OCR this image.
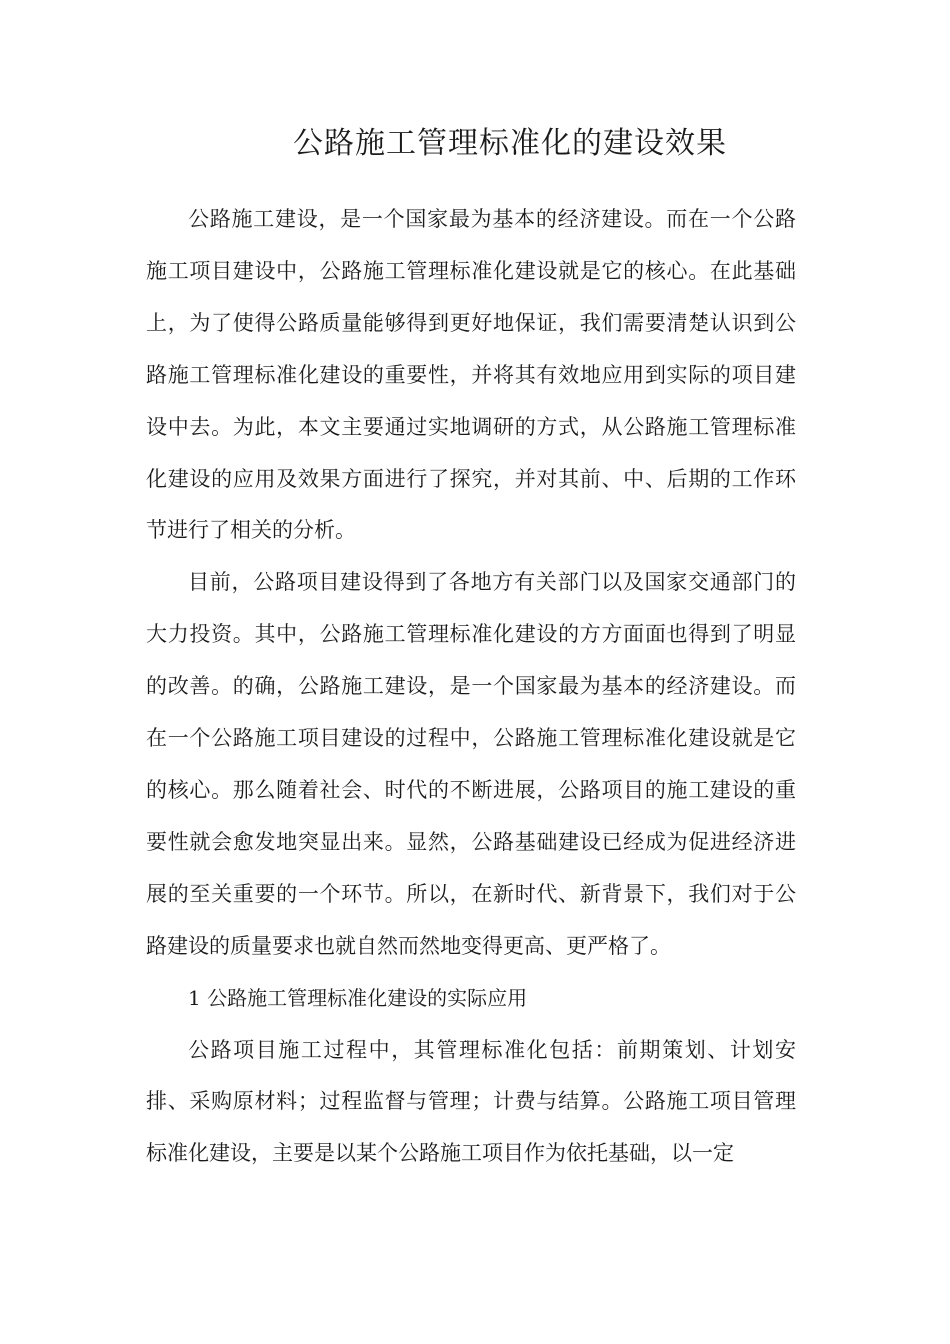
公路施工管理标准化的建设效果

公路施工建设，是一个国家最为基本的经济建设。而在一个公路施工项目建设中，公路施工管理标准化建设就是它的核心。在此基础上，为了使得公路质量能够得到更好地保证，我们需要清楚认识到公路施工管理标准化建设的重要性，并将其有效地应用到实际的项目建设中去。为此，本文主要通过实地调研的方式，从公路施工管理标准化建设的应用及效果方面进行了探究，并对其前、中、后期的工作环节进行了相关的分析。

目前，公路项目建设得到了各地方有关部门以及国家交通部门的大力投资。其中，公路施工管理标准化建设的方方面面也得到了明显的改善。的确，公路施工建设，是一个国家最为基本的经济建设。而在一个公路施工项目建设的过程中，公路施工管理标准化建设就是它的核心。那么随着社会、时代的不断进展，公路项目的施工建设的重要性就会愈发地突显出来。显然，公路基础建设已经成为促进经济进展的至关重要的一个环节。所以，在新时代、新背景下，我们对于公路建设的质量要求也就自然而然地变得更高、更严格了。

1 公路施工管理标准化建设的实际应用

公路项目施工过程中，其管理标准化包括：前期策划、计划安排、采购原材料；过程监督与管理；计费与结算。公路施工项目管理标准化建设，主要是以某个公路施工项目作为依托基础，以一定
